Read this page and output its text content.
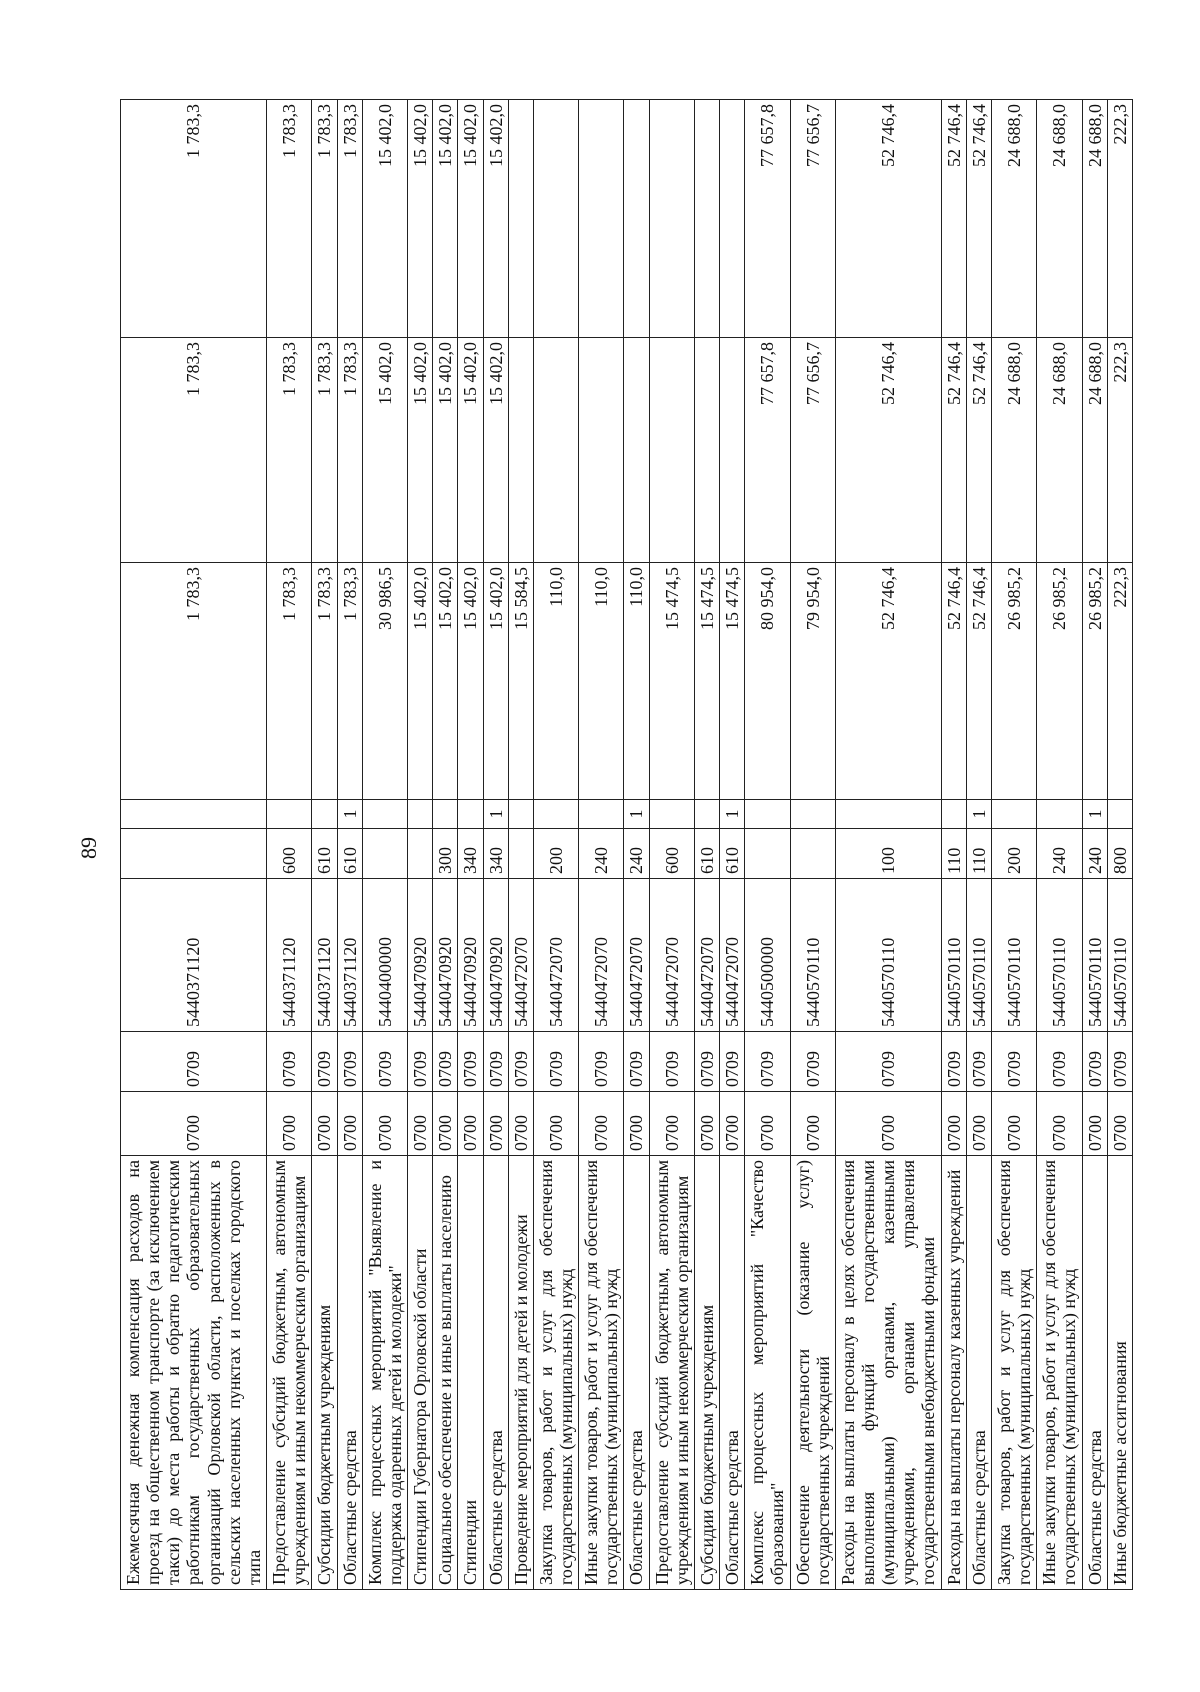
89
Ежемесячная денежная компенсация расходов на проезд на общественном транспорте (за исключением такси) до места работы и обратно педагогическим работникам государственных образовательных организаций Орловской области, расположенных в сельских населенных пунктах и поселках городского типа	0700	0709	5440371120			1 783,3	1 783,3	1 783,3
Предоставление субсидий бюджетным, автономным учреждениям и иным некоммерческим организациям	0700	0709	5440371120	600		1 783,3	1 783,3	1 783,3
Субсидии бюджетным учреждениям	0700	0709	5440371120	610		1 783,3	1 783,3	1 783,3
Областные средства	0700	0709	5440371120	610	1	1 783,3	1 783,3	1 783,3
Комплекс процессных мероприятий "Выявление и поддержка одаренных детей и молодежи"	0700	0709	5440400000			30 986,5	15 402,0	15 402,0
Стипендии Губернатора Орловской области	0700	0709	5440470920			15 402,0	15 402,0	15 402,0
Социальное обеспечение и иные выплаты населению	0700	0709	5440470920	300		15 402,0	15 402,0	15 402,0
Стипендии	0700	0709	5440470920	340		15 402,0	15 402,0	15 402,0
Областные средства	0700	0709	5440470920	340	1	15 402,0	15 402,0	15 402,0
Проведение мероприятий для детей и молодежи	0700	0709	5440472070			15 584,5		
Закупка товаров, работ и услуг для обеспечения государственных (муниципальных) нужд	0700	0709	5440472070	200		110,0		
Иные закупки товаров, работ и услуг для обеспечения государственных (муниципальных) нужд	0700	0709	5440472070	240		110,0		
Областные средства	0700	0709	5440472070	240	1	110,0		
Предоставление субсидий бюджетным, автономным учреждениям и иным некоммерческим организациям	0700	0709	5440472070	600		15 474,5		
Субсидии бюджетным учреждениям	0700	0709	5440472070	610		15 474,5		
Областные средства	0700	0709	5440472070	610	1	15 474,5		
Комплекс процессных мероприятий "Качество образования"	0700	0709	5440500000			80 954,0	77 657,8	77 657,8
Обеспечение деятельности (оказание услуг) государственных учреждений	0700	0709	5440570110			79 954,0	77 656,7	77 656,7
Расходы на выплаты персоналу в целях обеспечения выполнения функций государственными (муниципальными) органами, казенными учреждениями, органами управления государственными внебюджетными фондами	0700	0709	5440570110	100		52 746,4	52 746,4	52 746,4
Расходы на выплаты персоналу казенных учреждений	0700	0709	5440570110	110		52 746,4	52 746,4	52 746,4
Областные средства	0700	0709	5440570110	110	1	52 746,4	52 746,4	52 746,4
Закупка товаров, работ и услуг для обеспечения государственных (муниципальных) нужд	0700	0709	5440570110	200		26 985,2	24 688,0	24 688,0
Иные закупки товаров, работ и услуг для обеспечения государственных (муниципальных) нужд	0700	0709	5440570110	240		26 985,2	24 688,0	24 688,0
Областные средства	0700	0709	5440570110	240	1	26 985,2	24 688,0	24 688,0
Иные бюджетные ассигнования	0700	0709	5440570110	800		222,3	222,3	222,3
